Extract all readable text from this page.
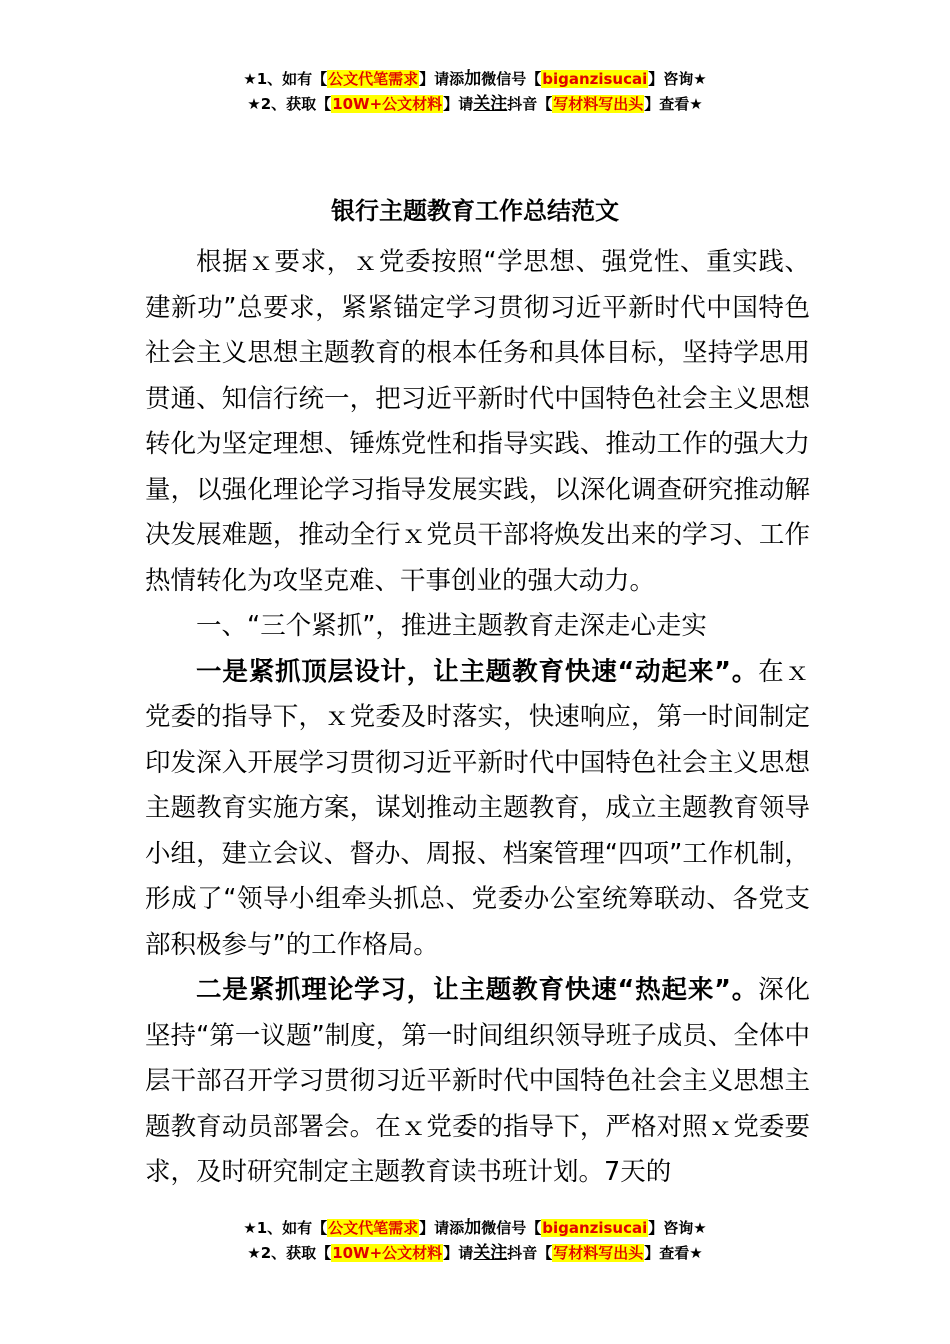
★1、如有【公文代笔需求】请添加微信号【biganzisucai】咨询★
★2、获取【10W+公文材料】请关注抖音【写材料写出头】查看★
银行主题教育工作总结范文

根据ｘ要求，ｘ党委按照“学思想、强党性、重实践、建新功”总要求，紧紧锚定学习贯彻习近平新时代中国特色社会主义思想主题教育的根本任务和具体目标，坚持学思用贯通、知信行统一，把习近平新时代中国特色社会主义思想转化为坚定理想、锤炼党性和指导实践、推动工作的强大力量，以强化理论学习指导发展实践，以深化调查研究推动解决发展难题，推动全行ｘ党员干部将焕发出来的学习、工作热情转化为攻坚克难、干事创业的强大动力。

一、“三个紧抓”，推进主题教育走深走心走实

一是紧抓顶层设计，让主题教育快速“动起来”。在ｘ党委的指导下，ｘ党委及时落实，快速响应，第一时间制定印发深入开展学习贯彻习近平新时代中国特色社会主义思想主题教育实施方案，谋划推动主题教育，成立主题教育领导小组，建立会议、督办、周报、档案管理“四项”工作机制，形成了“领导小组牵头抓总、党委办公室统筹联动、各党支部积极参与”的工作格局。

二是紧抓理论学习，让主题教育快速“热起来”。深化坚持“第一议题”制度，第一时间组织领导班子成员、全体中层干部召开学习贯彻习近平新时代中国特色社会主义思想主题教育动员部署会。在ｘ党委的指导下，严格对照ｘ党委要求，及时研究制定主题教育读书班计划。7天的

★1、如有【公文代笔需求】请添加微信号【biganzisucai】咨询★
★2、获取【10W+公文材料】请关注抖音【写材料写出头】查看★
